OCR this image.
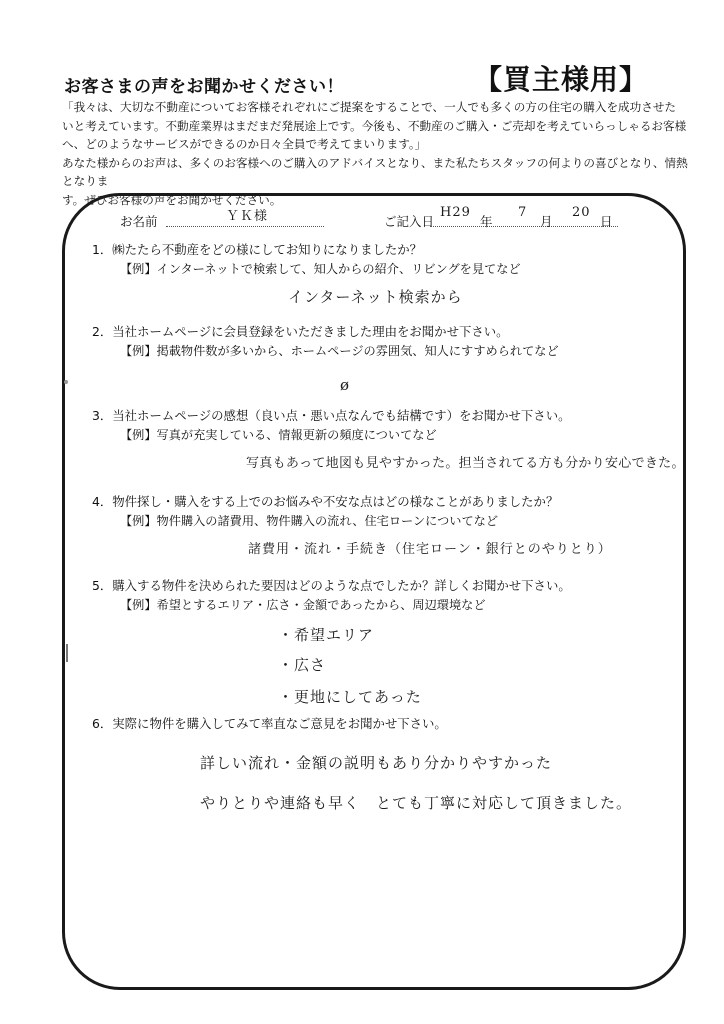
お客さまの声をお聞かせください！	【買主様用】
「我々は、大切な不動産についてお客様それぞれにご提案をすることで、一人でも多くの方の住宅の購入を成功させた
いと考えています。不動産業界はまだまだ発展途上です。今後も、不動産のご購入・ご売却を考えていらっしゃるお客様
へ、どのようなサービスができるのか日々全員で考えてまいります。」
あなた様からのお声は、多くのお客様へのご購入のアドバイスとなり、また私たちスタッフの何よりの喜びとなり、情熱となりま
す。ぜひお客様の声をお聞かせください。
お名前	ＹＫ様	ご記入日
H29
年
7
月
20
日
1．㈱たたら不動産をどの様にしてお知りになりましたか？
【例】インターネットで検索して、知人からの紹介、リビングを見てなど
インターネット検索から
2．当社ホームページに会員登録をいただきました理由をお聞かせ下さい。
【例】掲載物件数が多いから、ホームページの雰囲気、知人にすすめられてなど
ø
3．当社ホームページの感想（良い点・悪い点なんでも結構です）をお聞かせ下さい。
【例】写真が充実している、情報更新の頻度についてなど
写真もあって地図も見やすかった。担当されてる方も分かり安心できた。
4．物件探し・購入をする上でのお悩みや不安な点はどの様なことがありましたか？
【例】物件購入の諸費用、物件購入の流れ、住宅ローンについてなど
諸費用・流れ・手続き（住宅ローン・銀行とのやりとり）
5．購入する物件を決められた要因はどのような点でしたか？詳しくお聞かせ下さい。
【例】希望とするエリア・広さ・金額であったから、周辺環境など
・希望エリア
・広さ
・更地にしてあった
6．実際に物件を購入してみて率直なご意見をお聞かせ下さい。
詳しい流れ・金額の説明もあり分かりやすかった
やりとりや連絡も早く　とても丁寧に対応して頂きました。
